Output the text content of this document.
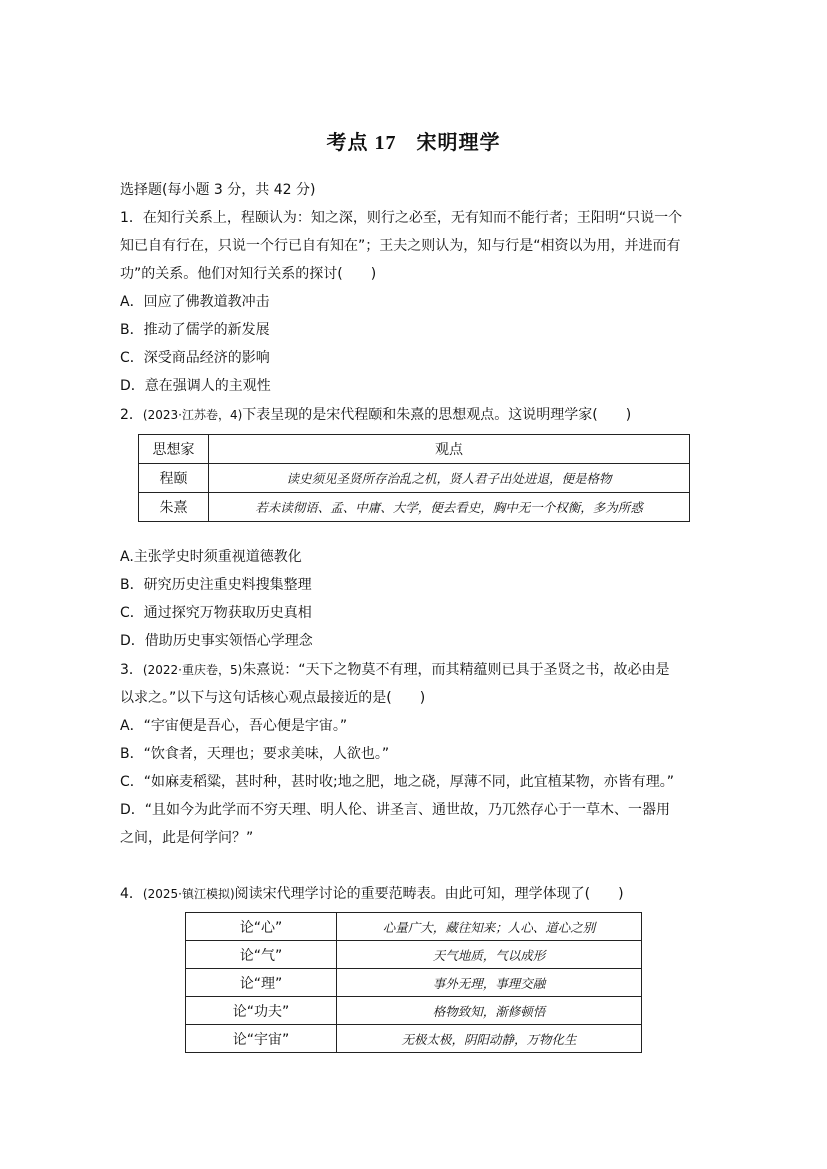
考点 17 宋明理学
选择题(每小题 3 分，共 42 分)
1．在知行关系上，程颐认为：知之深，则行之必至，无有知而不能行者；王阳明“只说一个
知已自有行在，只说一个行已自有知在”；王夫之则认为，知与行是“相资以为用，并进而有
功”的关系。他们对知行关系的探讨(　　)
A．回应了佛教道教冲击
B．推动了儒学的新发展
C．深受商品经济的影响
D．意在强调人的主观性
2．(2023·江苏卷，4)下表呈现的是宋代程颐和朱熹的思想观点。这说明理学家(　　)
思想家	观点
程颐	读史须见圣贤所存治乱之机，贤人君子出处进退，便是格物
朱熹	若未读彻语、孟、中庸、大学，便去看史，胸中无一个权衡，多为所惑
A.主张学史时须重视道德教化
B．研究历史注重史料搜集整理
C．通过探究万物获取历史真相
D．借助历史事实领悟心学理念
3．(2022·重庆卷，5)朱熹说：“天下之物莫不有理，而其精蕴则已具于圣贤之书，故必由是
以求之。”以下与这句话核心观点最接近的是(　　)
A．“宇宙便是吾心，吾心便是宇宙。”
B．“饮食者，天理也；要求美味，人欲也。”
C．“如麻麦稻粱，甚时种，甚时收;地之肥，地之硗，厚薄不同，此宜植某物，亦皆有理。”
D．“且如今为此学而不穷天理、明人伦、讲圣言、通世故，乃兀然存心于一草木、一器用
之间，此是何学问？”
4．(2025·镇江模拟)阅读宋代理学讨论的重要范畴表。由此可知，理学体现了(　　)
论“心”	心量广大，藏往知来；人心、道心之别
论“气”	天气地质，气以成形
论“理”	事外无理，事理交融
论“功夫”	格物致知，渐修顿悟
论“宇宙”	无极太极，阴阳动静，万物化生
